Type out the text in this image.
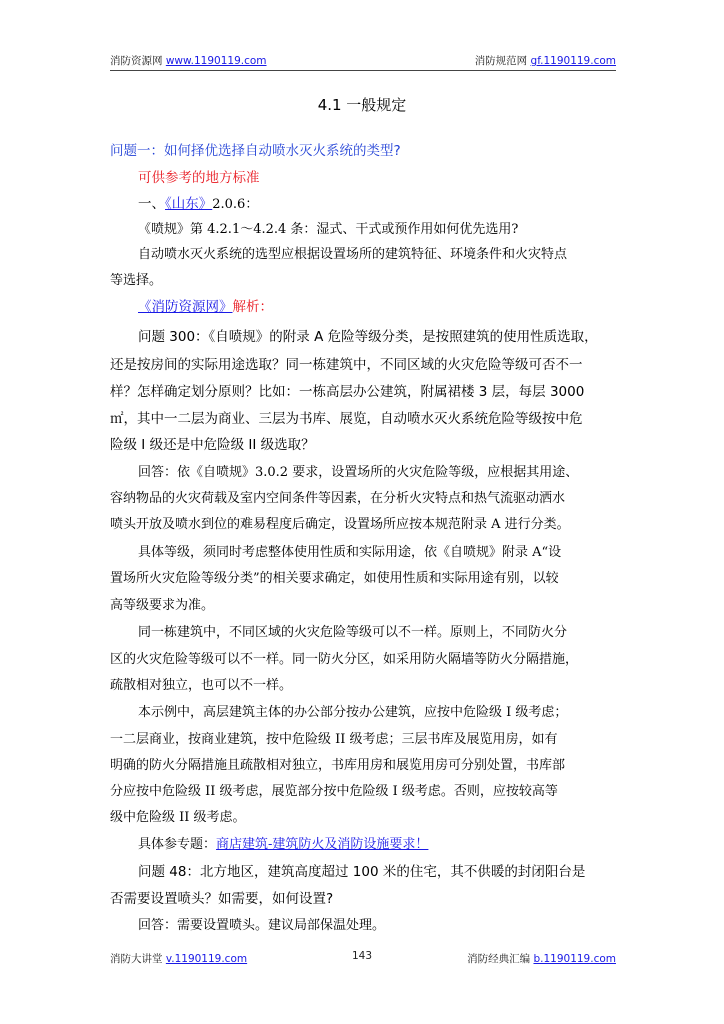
消防资源网 www.1190119.com	消防规范网 gf.1190119.com
4.1 一般规定
问题一：如何择优选择自动喷水灭火系统的类型?
可供参考的地方标准
一、《山东》2.0.6：
《喷规》第 4.2.1～4.2.4 条：湿式、干式或预作用如何优先选用?
自动喷水灭火系统的选型应根据设置场所的建筑特征、环境条件和火灾特点
等选择。
《消防资源网》解析：
问题 300：《自喷规》的附录 A 危险等级分类，是按照建筑的使用性质选取，
还是按房间的实际用途选取？同一栋建筑中，不同区域的火灾危险等级可否不一
样？怎样确定划分原则？比如：一栋高层办公建筑，附属裙楼 3 层，每层 3000
㎡，其中一二层为商业、三层为书库、展览，自动喷水灭火系统危险等级按中危
险级 I 级还是中危险级 II 级选取？
回答：依《自喷规》3.0.2 要求，设置场所的火灾危险等级，应根据其用途、
容纳物品的火灾荷载及室内空间条件等因素，在分析火灾特点和热气流驱动洒水
喷头开放及喷水到位的难易程度后确定，设置场所应按本规范附录 A 进行分类。
具体等级，须同时考虑整体使用性质和实际用途，依《自喷规》附录 A“设
置场所火灾危险等级分类”的相关要求确定，如使用性质和实际用途有别，以较
高等级要求为准。
同一栋建筑中，不同区域的火灾危险等级可以不一样。原则上，不同防火分
区的火灾危险等级可以不一样。同一防火分区，如采用防火隔墙等防火分隔措施，
疏散相对独立，也可以不一样。
本示例中，高层建筑主体的办公部分按办公建筑，应按中危险级 I 级考虑；
一二层商业，按商业建筑，按中危险级 II 级考虑；三层书库及展览用房，如有
明确的防火分隔措施且疏散相对独立，书库用房和展览用房可分别处置，书库部
分应按中危险级 II 级考虑，展览部分按中危险级 I 级考虑。否则，应按较高等
级中危险级 II 级考虑。
具体参专题：商店建筑-建筑防火及消防设施要求！
问题 48：北方地区，建筑高度超过 100 米的住宅，其不供暖的封闭阳台是
否需要设置喷头？如需要，如何设置?
回答：需要设置喷头。建议局部保温处理。
消防大讲堂 v.1190119.com	消防经典汇编 b.1190119.com
143
